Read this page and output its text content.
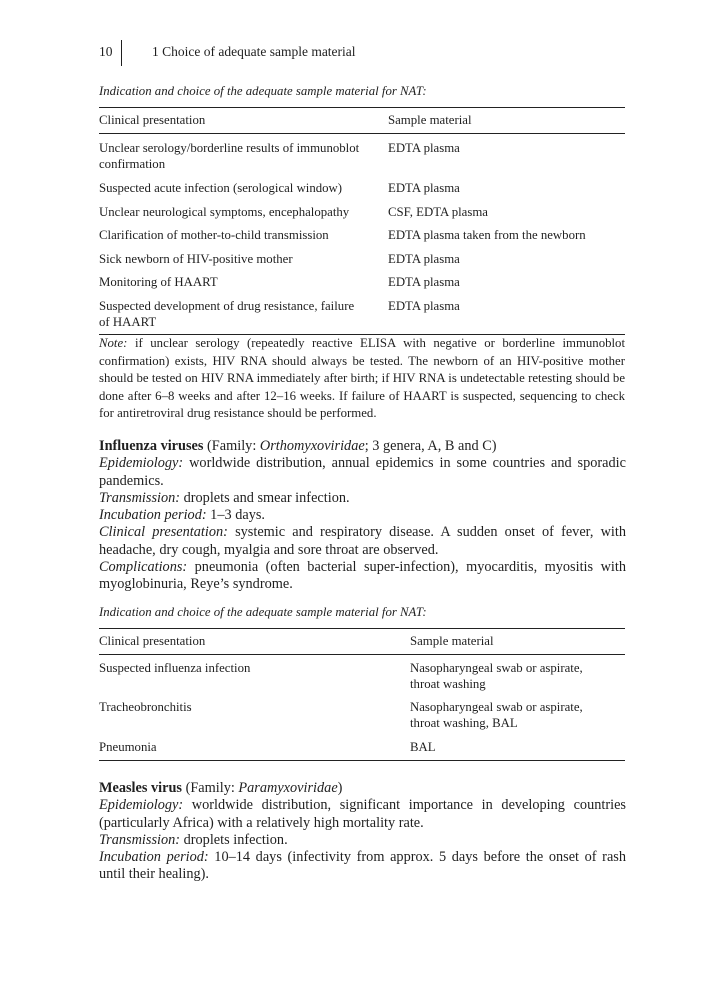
10	1 Choice of adequate sample material
Indication and choice of the adequate sample material for NAT:
Clinical presentation	Sample material
Unclear serology/borderline results of immunoblot confirmation	EDTA plasma
Suspected acute infection (serological window)	EDTA plasma
Unclear neurological symptoms, encephalopathy	CSF, EDTA plasma
Clarification of mother-to-child transmission	EDTA plasma taken from the newborn
Sick newborn of HIV-positive mother	EDTA plasma
Monitoring of HAART	EDTA plasma
Suspected development of drug resistance, failure of HAART	EDTA plasma
Note: if unclear serology (repeatedly reactive ELISA with negative or borderline immunoblot confirmation) exists, HIV RNA should always be tested. The newborn of an HIV-positive mother should be tested on HIV RNA immediately after birth; if HIV RNA is undetectable retesting should be done after 6–8 weeks and after 12–16 weeks. If failure of HAART is suspected, sequencing to check for antiretroviral drug resistance should be performed.

Influenza viruses (Family: Orthomyxoviridae; 3 genera, A, B and C)

Epidemiology: worldwide distribution, annual epidemics in some countries and sporadic pandemics.

Transmission: droplets and smear infection.

Incubation period: 1–3 days.

Clinical presentation: systemic and respiratory disease. A sudden onset of fever, with headache, dry cough, myalgia and sore throat are observed.

Complications: pneumonia (often bacterial super-infection), myocarditis, myositis with myoglobinuria, Reye’s syndrome.

Indication and choice of the adequate sample material for NAT:
Clinical presentation	Sample material
Suspected influenza infection	Nasopharyngeal swab or aspirate, throat washing
Tracheobronchitis	Nasopharyngeal swab or aspirate, throat washing, BAL
Pneumonia	BAL

Measles virus (Family: Paramyxoviridae)

Epidemiology: worldwide distribution, significant importance in developing countries (particularly Africa) with a relatively high mortality rate.

Transmission: droplets infection.

Incubation period: 10–14 days (infectivity from approx. 5 days before the onset of rash until their healing).
